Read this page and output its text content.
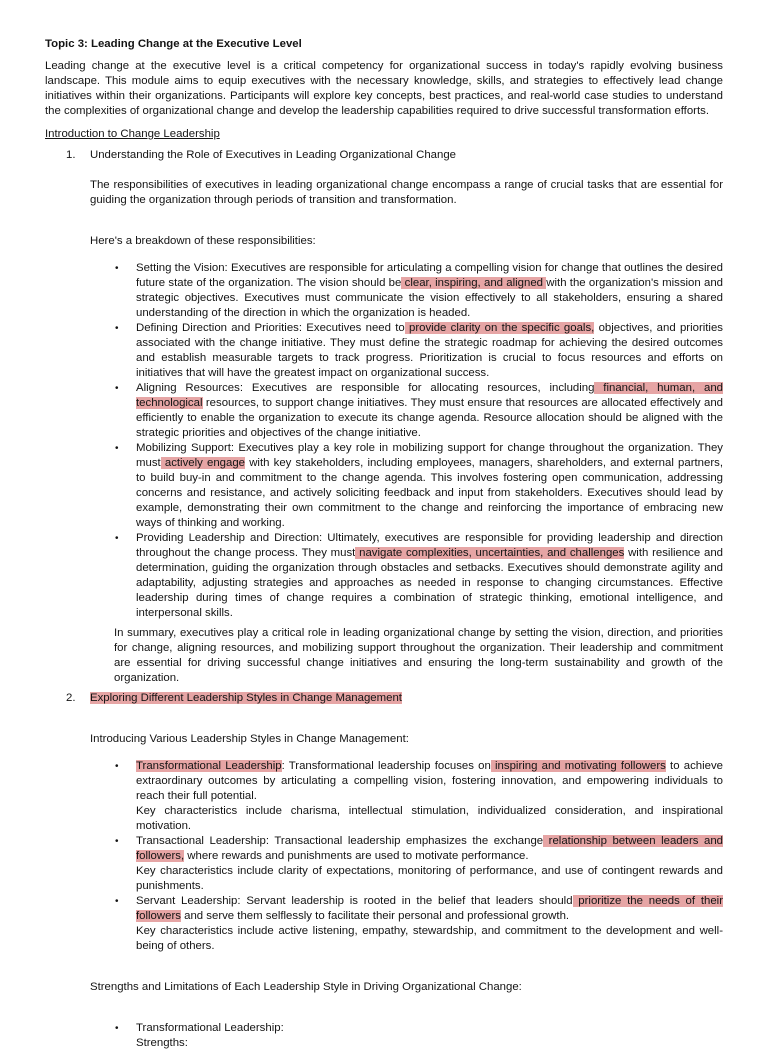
Topic 3: Leading Change at the Executive Level

Leading change at the executive level is a critical competency for organizational success in today's rapidly evolving business landscape. This module aims to equip executives with the necessary knowledge, skills, and strategies to effectively lead change initiatives within their organizations. Participants will explore key concepts, best practices, and real-world case studies to understand the complexities of organizational change and develop the leadership capabilities required to drive successful transformation efforts.

Introduction to Change Leadership

1. Understanding the Role of Executives in Leading Organizational Change

The responsibilities of executives in leading organizational change encompass a range of crucial tasks that are essential for guiding the organization through periods of transition and transformation.

Here's a breakdown of these responsibilities:

• Setting the Vision: Executives are responsible for articulating a compelling vision for change that outlines the desired future state of the organization. The vision should be clear, inspiring, and aligned with the organization's mission and strategic objectives. Executives must communicate the vision effectively to all stakeholders, ensuring a shared understanding of the direction in which the organization is headed.
• Defining Direction and Priorities: Executives need to provide clarity on the specific goals, objectives, and priorities associated with the change initiative. They must define the strategic roadmap for achieving the desired outcomes and establish measurable targets to track progress. Prioritization is crucial to focus resources and efforts on initiatives that will have the greatest impact on organizational success.
• Aligning Resources: Executives are responsible for allocating resources, including financial, human, and technological resources, to support change initiatives. They must ensure that resources are allocated effectively and efficiently to enable the organization to execute its change agenda. Resource allocation should be aligned with the strategic priorities and objectives of the change initiative.
• Mobilizing Support: Executives play a key role in mobilizing support for change throughout the organization. They must actively engage with key stakeholders, including employees, managers, shareholders, and external partners, to build buy-in and commitment to the change agenda. This involves fostering open communication, addressing concerns and resistance, and actively soliciting feedback and input from stakeholders. Executives should lead by example, demonstrating their own commitment to the change and reinforcing the importance of embracing new ways of thinking and working.
• Providing Leadership and Direction: Ultimately, executives are responsible for providing leadership and direction throughout the change process. They must navigate complexities, uncertainties, and challenges with resilience and determination, guiding the organization through obstacles and setbacks. Executives should demonstrate agility and adaptability, adjusting strategies and approaches as needed in response to changing circumstances. Effective leadership during times of change requires a combination of strategic thinking, emotional intelligence, and interpersonal skills.

In summary, executives play a critical role in leading organizational change by setting the vision, direction, and priorities for change, aligning resources, and mobilizing support throughout the organization. Their leadership and commitment are essential for driving successful change initiatives and ensuring the long-term sustainability and growth of the organization.

2. Exploring Different Leadership Styles in Change Management

Introducing Various Leadership Styles in Change Management:

• Transformational Leadership: Transformational leadership focuses on inspiring and motivating followers to achieve extraordinary outcomes by articulating a compelling vision, fostering innovation, and empowering individuals to reach their full potential.
Key characteristics include charisma, intellectual stimulation, individualized consideration, and inspirational motivation.
• Transactional Leadership: Transactional leadership emphasizes the exchange relationship between leaders and followers, where rewards and punishments are used to motivate performance.
Key characteristics include clarity of expectations, monitoring of performance, and use of contingent rewards and punishments.
• Servant Leadership: Servant leadership is rooted in the belief that leaders should prioritize the needs of their followers and serve them selflessly to facilitate their personal and professional growth.
Key characteristics include active listening, empathy, stewardship, and commitment to the development and well-being of others.

Strengths and Limitations of Each Leadership Style in Driving Organizational Change:

• Transformational Leadership:
Strengths:
